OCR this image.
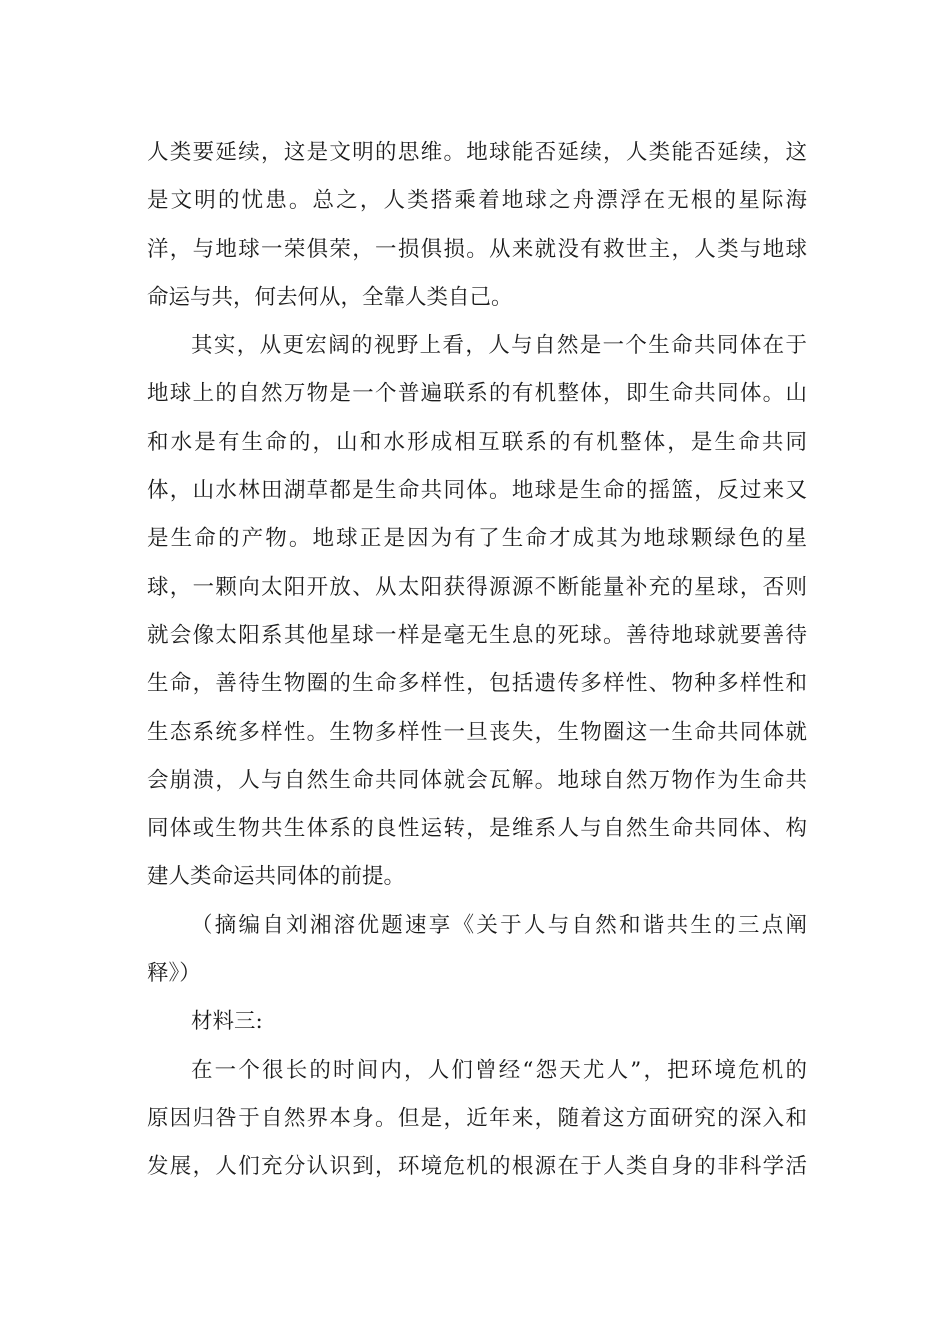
人类要延续，这是文明的思维。地球能否延续，人类能否延续，这
是文明的忧患。总之，人类搭乘着地球之舟漂浮在无根的星际海
洋，与地球一荣俱荣，一损俱损。从来就没有救世主，人类与地球
命运与共，何去何从，全靠人类自己。
其实，从更宏阔的视野上看，人与自然是一个生命共同体在于
地球上的自然万物是一个普遍联系的有机整体，即生命共同体。山
和水是有生命的，山和水形成相互联系的有机整体，是生命共同
体，山水林田湖草都是生命共同体。地球是生命的摇篮，反过来又
是生命的产物。地球正是因为有了生命才成其为地球颗绿色的星
球，一颗向太阳开放、从太阳获得源源不断能量补充的星球，否则
就会像太阳系其他星球一样是毫无生息的死球。善待地球就要善待
生命，善待生物圈的生命多样性，包括遗传多样性、物种多样性和
生态系统多样性。生物多样性一旦丧失，生物圈这一生命共同体就
会崩溃，人与自然生命共同体就会瓦解。地球自然万物作为生命共
同体或生物共生体系的良性运转，是维系人与自然生命共同体、构
建人类命运共同体的前提。
（摘编自刘湘溶优题速享《关于人与自然和谐共生的三点阐
释》）
材料三:
在一个很长的时间内，人们曾经“怨天尤人”，把环境危机的
原因归咎于自然界本身。但是，近年来，随着这方面研究的深入和
发展，人们充分认识到，环境危机的根源在于人类自身的非科学活
